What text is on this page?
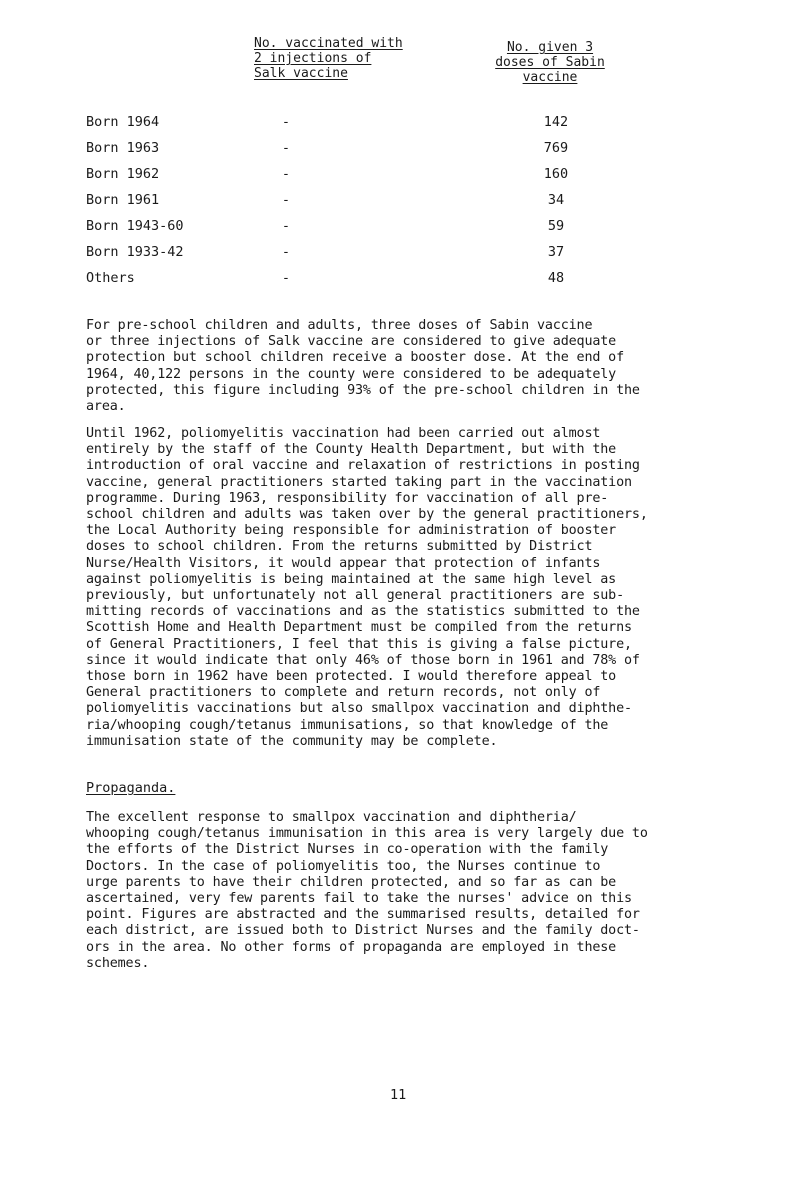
No. vaccinated with
2 injections of
Salk vaccine
No. given 3
doses of Sabin
vaccine
Born 1964	-	142
Born 1963	-	769
Born 1962	-	160
Born 1961	-	34
Born 1943-60	-	59
Born 1933-42	-	37
Others	-	48

For pre-school children and adults, three doses of Sabin vaccine
or three injections of Salk vaccine are considered to give adequate
protection but school children receive a booster dose. At the end of
1964, 40,122 persons in the county were considered to be adequately
protected, this figure including 93% of the pre-school children in the
area.

Until 1962, poliomyelitis vaccination had been carried out almost
entirely by the staff of the County Health Department, but with the
introduction of oral vaccine and relaxation of restrictions in posting
vaccine, general practitioners started taking part in the vaccination
programme. During 1963, responsibility for vaccination of all pre-
school children and adults was taken over by the general practitioners,
the Local Authority being responsible for administration of booster
doses to school children. From the returns submitted by District
Nurse/Health Visitors, it would appear that protection of infants
against poliomyelitis is being maintained at the same high level as
previously, but unfortunately not all general practitioners are sub-
mitting records of vaccinations and as the statistics submitted to the
Scottish Home and Health Department must be compiled from the returns
of General Practitioners, I feel that this is giving a false picture,
since it would indicate that only 46% of those born in 1961 and 78% of
those born in 1962 have been protected. I would therefore appeal to
General practitioners to complete and return records, not only of
poliomyelitis vaccinations but also smallpox vaccination and diphthe-
ria/whooping cough/tetanus immunisations, so that knowledge of the
immunisation state of the community may be complete.

Propaganda.

The excellent response to smallpox vaccination and diphtheria/
whooping cough/tetanus immunisation in this area is very largely due to
the efforts of the District Nurses in co-operation with the family
Doctors. In the case of poliomyelitis too, the Nurses continue to
urge parents to have their children protected, and so far as can be
ascertained, very few parents fail to take the nurses' advice on this
point. Figures are abstracted and the summarised results, detailed for
each district, are issued both to District Nurses and the family doct-
ors in the area. No other forms of propaganda are employed in these
schemes.

11
